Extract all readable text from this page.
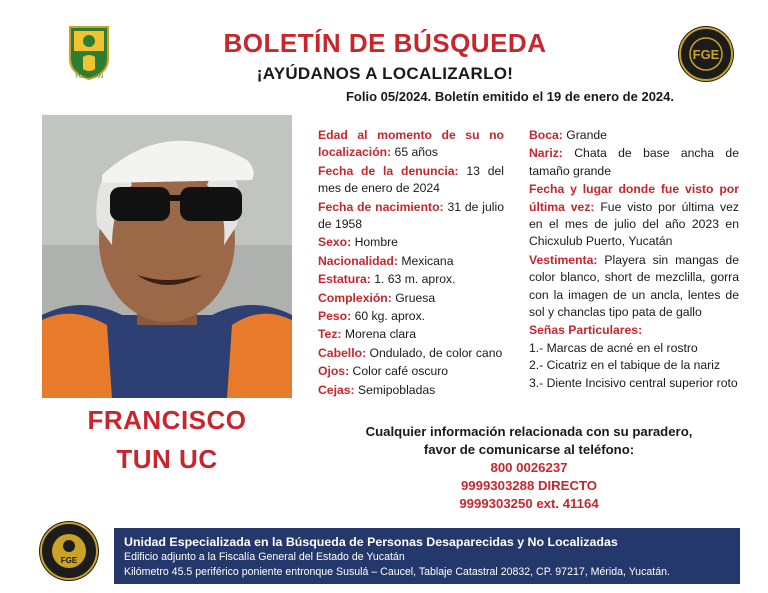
YUCATÁN
BOLETÍN DE BÚSQUEDA
¡AYÚDANOS A LOCALIZARLO!
Folio 05/2024. Boletín emitido el 19 de enero de 2024.
FGE
FRANCISCO
TUN UC
Edad al momento de su no localización: 65 años
Fecha de la denuncia: 13 del mes de enero de 2024
Fecha de nacimiento: 31 de julio de 1958
Sexo: Hombre
Nacionalidad: Mexicana
Estatura: 1. 63 m. aprox.
Complexión: Gruesa
Peso: 60 kg. aprox.
Tez: Morena clara
Cabello: Ondulado, de color cano
Ojos: Color café oscuro
Cejas: Semipobladas
Boca: Grande
Nariz: Chata de base ancha de tamaño grande
Fecha y lugar donde fue visto por última vez: Fue visto por última vez en el mes de julio del año 2023 en Chicxulub Puerto, Yucatán
Vestimenta: Playera sin mangas de color blanco, short de mezclilla, gorra con la imagen de un ancla, lentes de sol y chanclas tipo pata de gallo
Señas Particulares:
1.- Marcas de acné en el rostro
2.- Cicatriz en el tabique de la nariz
3.- Diente Incisivo central superior roto
Cualquier información relacionada con su paradero,
favor de comunicarse al teléfono:
800 0026237
9999303288 DIRECTO
9999303250 ext. 41164
FGE
Unidad Especializada en la Búsqueda de Personas Desaparecidas y No Localizadas
Edificio adjunto a la Fiscalía General del Estado de Yucatán
Kilómetro 45.5 periférico poniente entronque Susulá – Caucel, Tablaje Catastral 20832, CP. 97217, Mérida, Yucatán.
